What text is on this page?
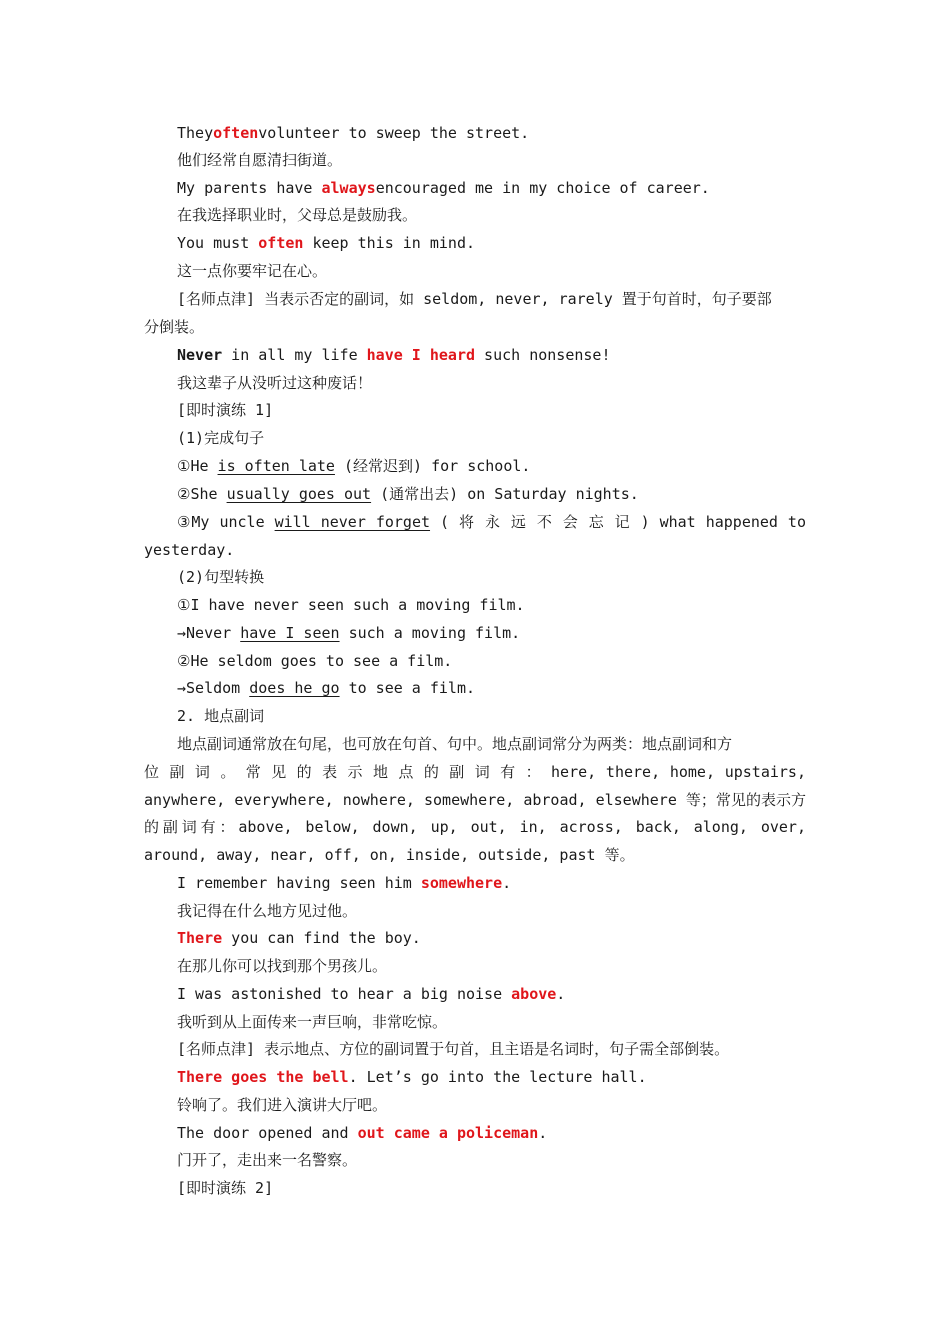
Theyoftenvolunteer to sweep the street.
他们经常自愿清扫街道。
My parents have alwaysencouraged me in my choice of career.
在我选择职业时，父母总是鼓励我。
You must often keep this in mind.
这一点你要牢记在心。
[名师点津] 当表示否定的副词，如 seldom, never, rarely 置于句首时，句子要部
分倒装。
Never in all my life have I heard such nonsense!
我这辈子从没听过这种废话！
[即时演练 1]
(1)完成句子
①He is often late (经常迟到) for school.
②She usually goes out (通常出去) on Saturday nights.
③My uncle will never forget ( 将 永 远 不 会 忘 记 ) what happened to
yesterday.
(2)句型转换
①I have never seen such a moving film.
→Never have I seen such a moving film.
②He seldom goes to see a film.
→Seldom does he go to see a film.
2. 地点副词
地点副词通常放在句尾，也可放在句首、句中。地点副词常分为两类：地点副词和方
位 副 词 。 常 见 的 表 示 地 点 的 副 词 有 ： here, there, home, upstairs,
anywhere, everywhere, nowhere, somewhere, abroad, elsewhere 等；常见的表示方
的副词有：above, below, down, up, out, in, across, back, along, over,
around, away, near, off, on, inside, outside, past 等。
I remember having seen him somewhere.
我记得在什么地方见过他。
There you can find the boy.
在那儿你可以找到那个男孩儿。
I was astonished to hear a big noise above.
我听到从上面传来一声巨响，非常吃惊。
[名师点津] 表示地点、方位的副词置于句首，且主语是名词时，句子需全部倒装。
There goes the bell. Let’s go into the lecture hall.
铃响了。我们进入演讲大厅吧。
The door opened and out came a policeman.
门开了，走出来一名警察。
[即时演练 2]
